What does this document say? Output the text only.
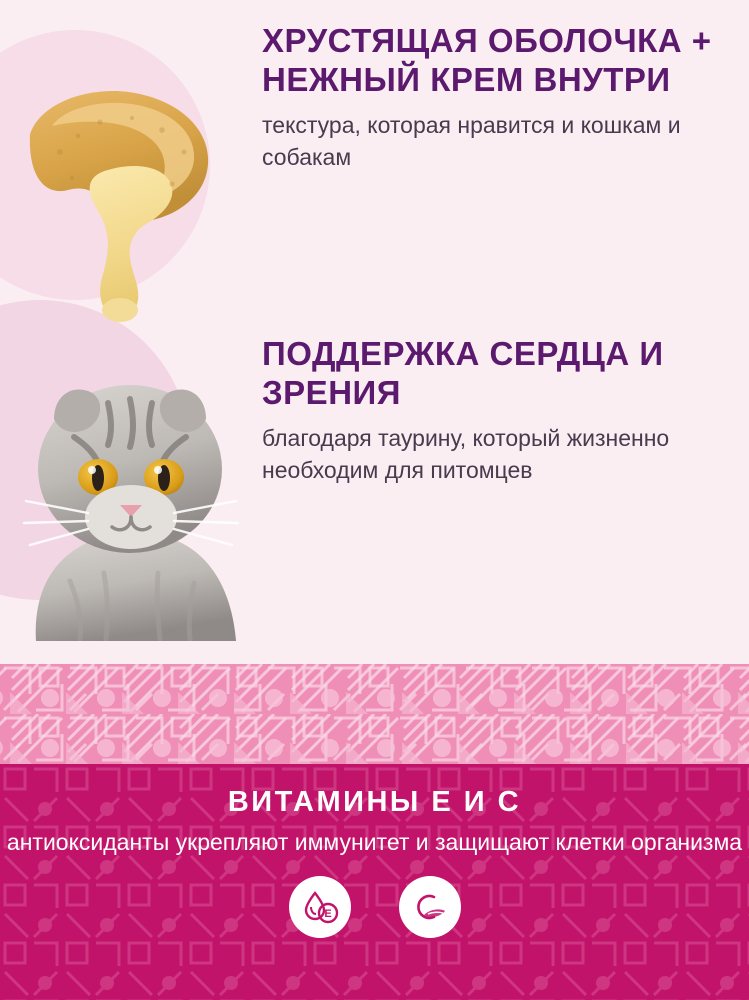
ХРУСТЯЩАЯ ОБОЛОЧКА + НЕЖНЫЙ КРЕМ ВНУТРИ

текстура, которая нравится и кошкам и собакам

ПОДДЕРЖКА СЕРДЦА И ЗРЕНИЯ

благодаря таурину, который жизненно необходим для питомцев

ВИТАМИНЫ Е И С

антиоксиданты укрепляют иммунитет и защищают клетки организма

E
